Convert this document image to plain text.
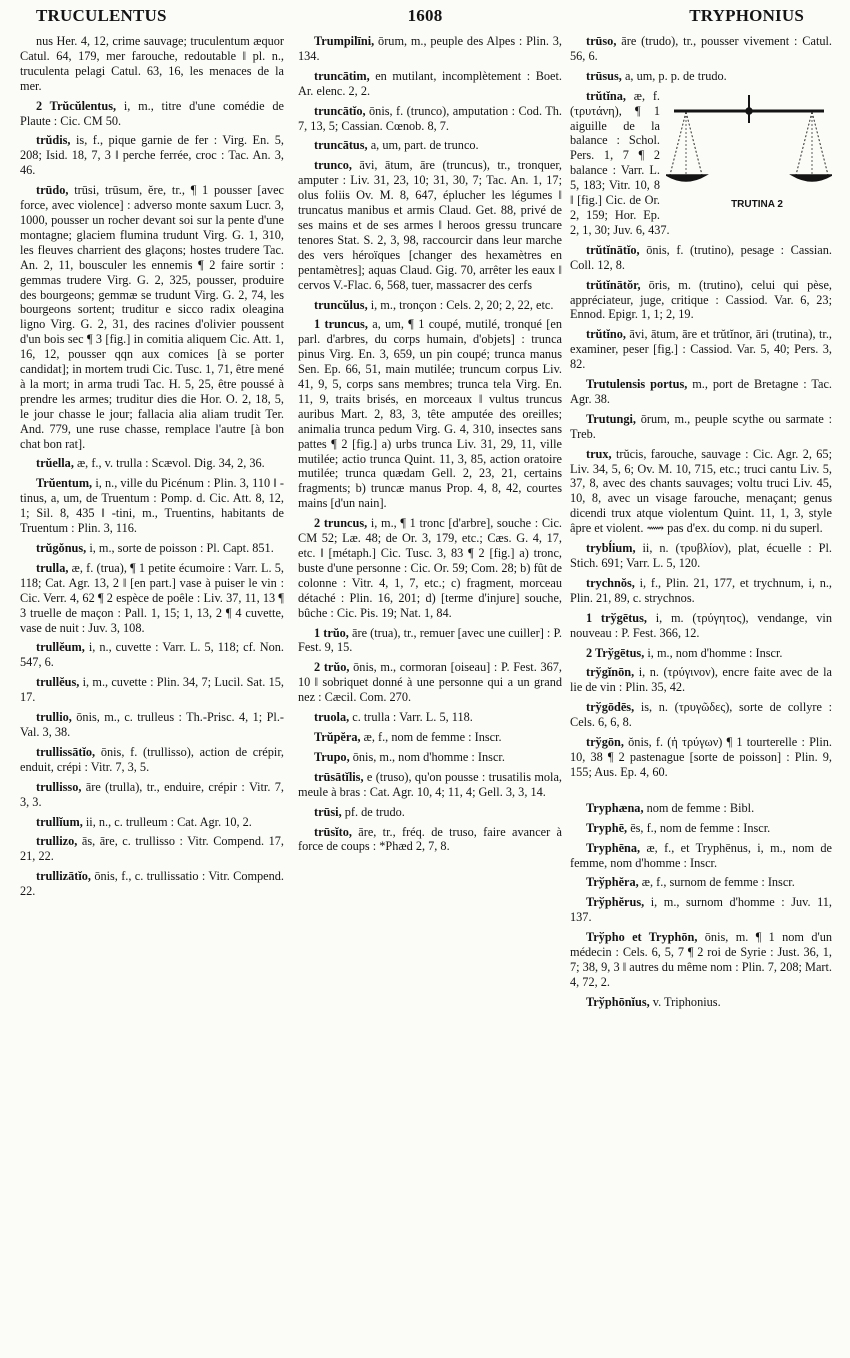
TRUCULENTUS	1608	TRYPHONIUS

nus Her. 4, 12, crime sauvage; truculentum æquor Catul. 64, 179, mer farouche, redoutable ‖ pl. n., truculenta pelagi Catul. 63, 16, les menaces de la mer.

2 Trŭcŭlentus, i, m., titre d'une comédie de Plaute : Cic. CM 50.

trŭdis, is, f., pique garnie de fer : Virg. En. 5, 208; Isid. 18, 7, 3 ‖ perche ferrée, croc : Tac. An. 3, 46.

trūdo, trūsi, trūsum, ĕre, tr., ¶ 1 pousser [avec force, avec violence] : adverso monte saxum Lucr. 3, 1000, pousser un rocher devant soi sur la pente d'une montagne; glaciem flumina trudunt Virg. G. 1, 310, les fleuves charrient des glaçons; hostes trudere Tac. An. 2, 11, bousculer les ennemis ¶ 2 faire sortir : gemmas trudere Virg. G. 2, 325, pousser, produire des bourgeons; gemmæ se trudunt Virg. G. 2, 74, les bourgeons sortent; truditur e sicco radix oleagina ligno Virg. G. 2, 31, des racines d'olivier poussent d'un bois sec ¶ 3 [fig.] in comitia aliquem Cic. Att. 1, 16, 12, pousser qqn aux comices [à se porter candidat]; in mortem trudi Cic. Tusc. 1, 71, être mené à la mort; in arma trudi Tac. H. 5, 25, être poussé à prendre les armes; truditur dies die Hor. O. 2, 18, 5, le jour chasse le jour; fallacia alia aliam trudit Ter. And. 779, une ruse chasse, remplace l'autre [à bon chat bon rat].

trŭella, æ, f., v. trulla : Scævol. Dig. 34, 2, 36.

Trŭentum, i, n., ville du Picénum : Plin. 3, 110 ‖ -tinus, a, um, de Truentum : Pomp. d. Cic. Att. 8, 12, 1; Sil. 8, 435 ‖ -tini, m., Truentins, habitants de Truentum : Plin. 3, 116.

trŭgŏnus, i, m., sorte de poisson : Pl. Capt. 851.

trulla, æ, f. (trua), ¶ 1 petite écumoire : Varr. L. 5, 118; Cat. Agr. 13, 2 ‖ [en part.] vase à puiser le vin : Cic. Verr. 4, 62 ¶ 2 espèce de poêle : Liv. 37, 11, 13 ¶ 3 truelle de maçon : Pall. 1, 15; 1, 13, 2 ¶ 4 cuvette, vase de nuit : Juv. 3, 108.

trullĕum, i, n., cuvette : Varr. L. 5, 118; cf. Non. 547, 6.

trullĕus, i, m., cuvette : Plin. 34, 7; Lucil. Sat. 15, 17.

trullio, ōnis, m., c. trulleus : Th.-Prisc. 4, 1; Pl.-Val. 3, 38.

trullissātĭo, ōnis, f. (trullisso), action de crépir, enduit, crépi : Vitr. 7, 3, 5.

trullisso, āre (trulla), tr., enduire, crépir : Vitr. 7, 3, 3.

trullĭum, ii, n., c. trulleum : Cat. Agr. 10, 2.

trullizo, ās, āre, c. trullisso : Vitr. Compend. 17, 21, 22.

trullizātĭo, ōnis, f., c. trullissatio : Vitr. Compend. 22.

Trumpilīni, ōrum, m., peuple des Alpes : Plin. 3, 134.

truncātim, en mutilant, incomplètement : Boet. Ar. elenc. 2, 2.

truncātĭo, ōnis, f. (trunco), amputation : Cod. Th. 7, 13, 5; Cassian. Cœnob. 8, 7.

truncātus, a, um, part. de trunco.

trunco, āvi, ātum, āre (truncus), tr., tronquer, amputer : Liv. 31, 23, 10; 31, 30, 7; Tac. An. 1, 17; olus foliis Ov. M. 8, 647, éplucher les légumes ‖ truncatus manibus et armis Claud. Get. 88, privé de ses mains et de ses armes ‖ heroos gressu truncare tenores Stat. S. 2, 3, 98, raccourcir dans leur marche des vers héroïques [changer des hexamètres en pentamètres]; aquas Claud. Gig. 70, arrêter les eaux ‖ cervos V.-Flac. 6, 568, tuer, massacrer des cerfs

truncŭlus, i, m., tronçon : Cels. 2, 20; 2, 22, etc.

1 truncus, a, um, ¶ 1 coupé, mutilé, tronqué [en parl. d'arbres, du corps humain, d'objets] : trunca pinus Virg. En. 3, 659, un pin coupé; trunca manus Sen. Ep. 66, 51, main mutilée; truncum corpus Liv. 41, 9, 5, corps sans membres; trunca tela Virg. En. 11, 9, traits brisés, en morceaux ‖ vultus truncus auribus Mart. 2, 83, 3, tête amputée des oreilles; animalia trunca pedum Virg. G. 4, 310, insectes sans pattes ¶ 2 [fig.] a) urbs trunca Liv. 31, 29, 11, ville mutilée; actio trunca Quint. 11, 3, 85, action oratoire mutilée; trunca quædam Gell. 2, 23, 21, certains fragments; b) truncæ manus Prop. 4, 8, 42, courtes mains [d'un nain].

2 truncus, i, m., ¶ 1 tronc [d'arbre], souche : Cic. CM 52; Læ. 48; de Or. 3, 179, etc.; Cæs. G. 4, 17, etc. ‖ [métaph.] Cic. Tusc. 3, 83 ¶ 2 [fig.] a) tronc, buste d'une personne : Cic. Or. 59; Com. 28; b) fût de colonne : Vitr. 4, 1, 7, etc.; c) fragment, morceau détaché : Plin. 16, 201; d) [terme d'injure] souche, bûche : Cic. Pis. 19; Nat. 1, 84.

1 trŭo, āre (trua), tr., remuer [avec une cuiller] : P. Fest. 9, 15.

2 trŭo, ōnis, m., cormoran [oiseau] : P. Fest. 367, 10 ‖ sobriquet donné à une personne qui a un grand nez : Cæcil. Com. 270.

truola, c. trulla : Varr. L. 5, 118.

Trŭpĕra, æ, f., nom de femme : Inscr.

Trupo, ōnis, m., nom d'homme : Inscr.

trūsātĭlis, e (truso), qu'on pousse : trusatilis mola, meule à bras : Cat. Agr. 10, 4; 11, 4; Gell. 3, 3, 14.

trūsi, pf. de trudo.

trūsĭto, āre, tr., fréq. de truso, faire avancer à force de coups : *Phæd 2, 7, 8.

trūso, āre (trudo), tr., pousser vivement : Catul. 56, 6.

trūsus, a, um, p. p. de trudo.

TRUTINA 2
trŭtĭna, æ, f. (τρυτάνη), ¶ 1 aiguille de la balance : Schol. Pers. 1, 7 ¶ 2 balance : Varr. L. 5, 183; Vitr. 10, 8 ‖ [fig.] Cic. de Or. 2, 159; Hor. Ep. 2, 1, 30; Juv. 6, 437.

trŭtĭnātĭo, ōnis, f. (trutino), pesage : Cassian. Coll. 12, 8.

trŭtĭnātŏr, ōris, m. (trutino), celui qui pèse, appréciateur, juge, critique : Cassiod. Var. 6, 23; Ennod. Epigr. 1, 1; 2, 19.

trŭtĭno, āvi, ātum, āre et trŭtĭnor, āri (trutina), tr., examiner, peser [fig.] : Cassiod. Var. 5, 40; Pers. 3, 82.

Trutulensis portus, m., port de Bretagne : Tac. Agr. 38.

Trutungi, ōrum, m., peuple scythe ou sarmate : Treb.

trux, trŭcis, farouche, sauvage : Cic. Agr. 2, 65; Liv. 34, 5, 6; Ov. M. 10, 715, etc.; truci cantu Liv. 5, 37, 8, avec des chants sauvages; voltu truci Liv. 45, 10, 8, avec un visage farouche, menaçant; genus dicendi trux atque violentum Quint. 11, 1, 3, style âpre et violent. ⟿ pas d'ex. du comp. ni du superl.

trybĺium, ii, n. (τρυβλίον), plat, écuelle : Pl. Stich. 691; Varr. L. 5, 120.

trychnŏs, i, f., Plin. 21, 177, et trychnum, i, n., Plin. 21, 89, c. strychnos.

1 trўgētus, i, m. (τρύγητος), vendange, vin nouveau : P. Fest. 366, 12.

2 Trўgētus, i, m., nom d'homme : Inscr.

trўgĭnōn, i, n. (τρύγινον), encre faite avec de la lie de vin : Plin. 35, 42.

trўgōdēs, is, n. (τρυγῶδες), sorte de collyre : Cels. 6, 6, 8.

trўgōn, ŏnis, f. (ἡ τρύγων) ¶ 1 tourterelle : Plin. 10, 38 ¶ 2 pastenague [sorte de poisson] : Plin. 9, 155; Aus. Ep. 4, 60.

Tryphæna, nom de femme : Bibl.

Tryphē, ēs, f., nom de femme : Inscr.

Tryphēna, æ, f., et Tryphēnus, i, m., nom de femme, nom d'homme : Inscr.

Trўphĕra, æ, f., surnom de femme : Inscr.

Trўphĕrus, i, m., surnom d'homme : Juv. 11, 137.

Trўpho et Tryphōn, ōnis, m. ¶ 1 nom d'un médecin : Cels. 6, 5, 7 ¶ 2 roi de Syrie : Just. 36, 1, 7; 38, 9, 3 ‖ autres du même nom : Plin. 7, 208; Mart. 4, 72, 2.

Trўphōnĭus, v. Triphonius.
